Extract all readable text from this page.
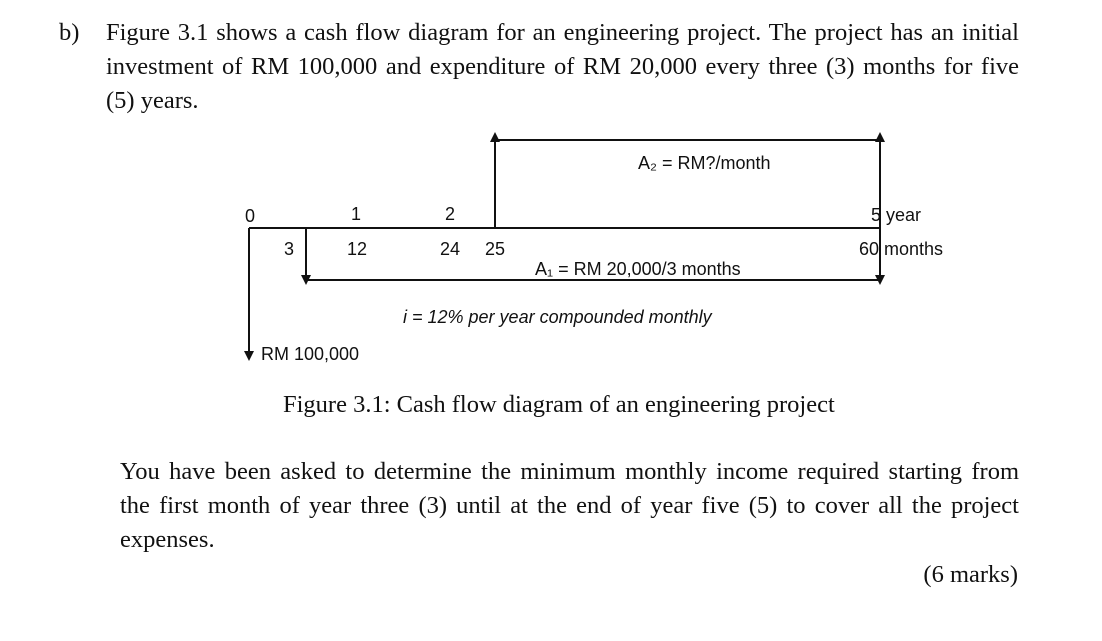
b) Figure 3.1 shows a cash flow diagram for an engineering project. The project has an initial
investment of RM 100,000 and expenditure of RM 20,000 every three (3) months for five
(5) years.
0	1	2	5 year
3	12	24 25	60 months
A₂ = RM?/month
A₁ = RM 20,000/3 months
i = 12% per year compounded monthly
RM 100,000
Figure 3.1: Cash flow diagram of an engineering project
You have been asked to determine the minimum monthly income required starting from
the first month of year three (3) until at the end of year five (5) to cover all the project
expenses.
(6 marks)
